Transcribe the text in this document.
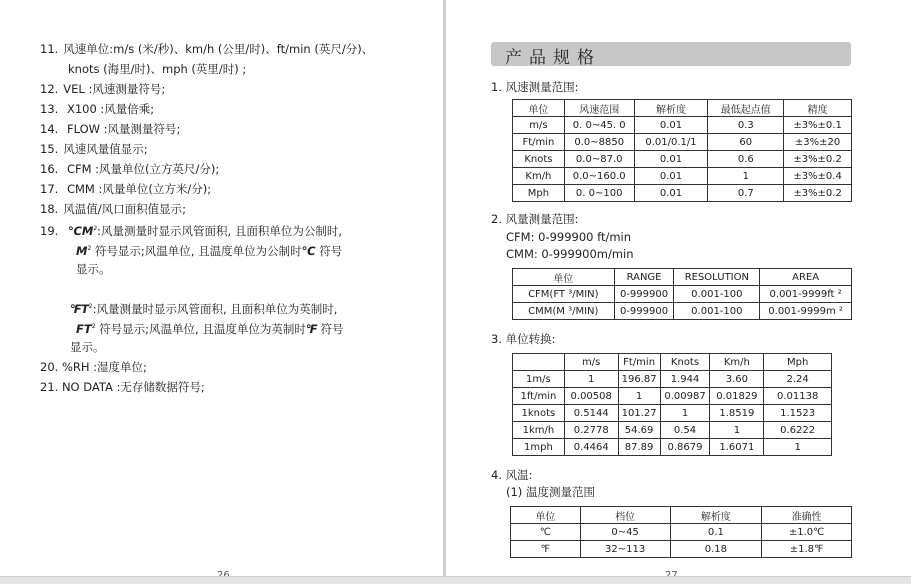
11. 风速单位:m/s (米/秒)、km/h (公里/时)、ft/min (英尺/分)、
knots (海里/时)、mph (英里/时) ;
12. VEL :风速测量符号;
13. X100 :风量倍乘;
14. FLOW :风量测量符号;
15. 风速风量值显示;
16. CFM :风量单位(立方英尺/分);
17. CMM :风量单位(立方米/分);
18. 风温值/风口面积值显示;
19. $℃M^2$:风量测量时显示风管面积, 且面积单位为公制时,
$M^2$ 符号显示;风温单位, 且温度单位为公制时℃ 符号
显示。
$℉T^2$:风量测量时显示风管面积, 且面积单位为英制时,
$FT^2$ 符号显示;风温单位, 且温度单位为英制时℉ 符号
显示。
20. %RH :湿度单位;
21. NO DATA :无存储数据符号;
产品规格
1. 风速测量范围:
单位	风速范围	解析度	最低起点值	精度
m/s	0. 0~45. 0	0.01	0.3	±3%±0.1
Ft/min	0.0~8850	0.01/0.1/1	60	±3%±20
Knots	0.0~87.0	0.01	0.6	±3%±0.2
Km/h	0.0~160.0	0.01	1	±3%±0.4
Mph	0. 0~100	0.01	0.7	±3%±0.2
2. 风量测量范围:
CFM: 0-999900 ft/min
CMM: 0-999900m/min
单位	RANGE	RESOLUTION	AREA
CFM(FT ³/MIN)	0-999900	0.001-100	0.001-9999ft ²
CMM(M ³/MIN)	0-999900	0.001-100	0.001-9999m ²
3. 单位转换:
	m/s	Ft/min	Knots	Km/h	Mph
1m/s	1	196.87	1.944	3.60	2.24
1ft/min	0.00508	1	0.00987	0.01829	0.01138
1knots	0.5144	101.27	1	1.8519	1.1523
1km/h	0.2778	54.69	0.54	1	0.6222
1mph	0.4464	87.89	0.8679	1.6071	1
4. 风温:
(1) 温度测量范围
单位	档位	解析度	准确性
℃	0~45	0.1	±1.0℃
℉	32~113	0.18	±1.8℉
